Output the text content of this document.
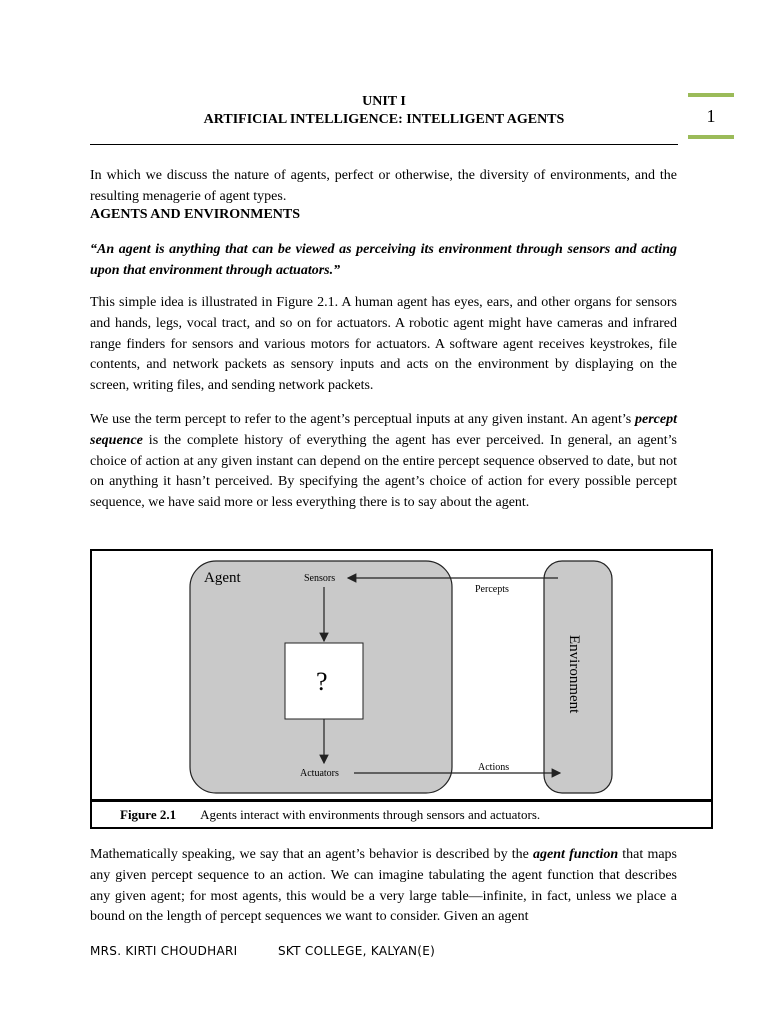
1
UNIT I
ARTIFICIAL INTELLIGENCE: INTELLIGENT AGENTS

In which we discuss the nature of agents, perfect or otherwise, the diversity of environments, and the resulting menagerie of agent types.

AGENTS AND ENVIRONMENTS

“An agent is anything that can be viewed as perceiving its environment through sensors and acting upon that environment through actuators.”

This simple idea is illustrated in Figure 2.1. A human agent has eyes, ears, and other organs for sensors and hands, legs, vocal tract, and so on for actuators. A robotic agent might have cameras and infrared range finders for sensors and various motors for actuators. A software agent receives keystrokes, file contents, and network packets as sensory inputs and acts on the environment by displaying on the screen, writing files, and sending network packets.

We use the term percept to refer to the agent’s perceptual inputs at any given instant. An agent’s percept sequence is the complete history of everything the agent has ever perceived. In general, an agent’s choice of action at any given instant can depend on the entire percept sequence observed to date, but not on anything it hasn’t perceived. By specifying the agent’s choice of action for every possible percept sequence, we have said more or less everything there is to say about the agent.

Agent	Sensors
Actuators
?
Percepts
Actions
Environment
Figure 2.1 Agents interact with environments through sensors and actuators.

Mathematically speaking, we say that an agent’s behavior is described by the agent function that maps any given percept sequence to an action. We can imagine tabulating the agent function that describes any given agent; for most agents, this would be a very large table—infinite, in fact, unless we place a bound on the length of percept sequences we want to consider. Given an agent

MRS. KIRTI CHOUDHARI	SKT COLLEGE, KALYAN(E)
